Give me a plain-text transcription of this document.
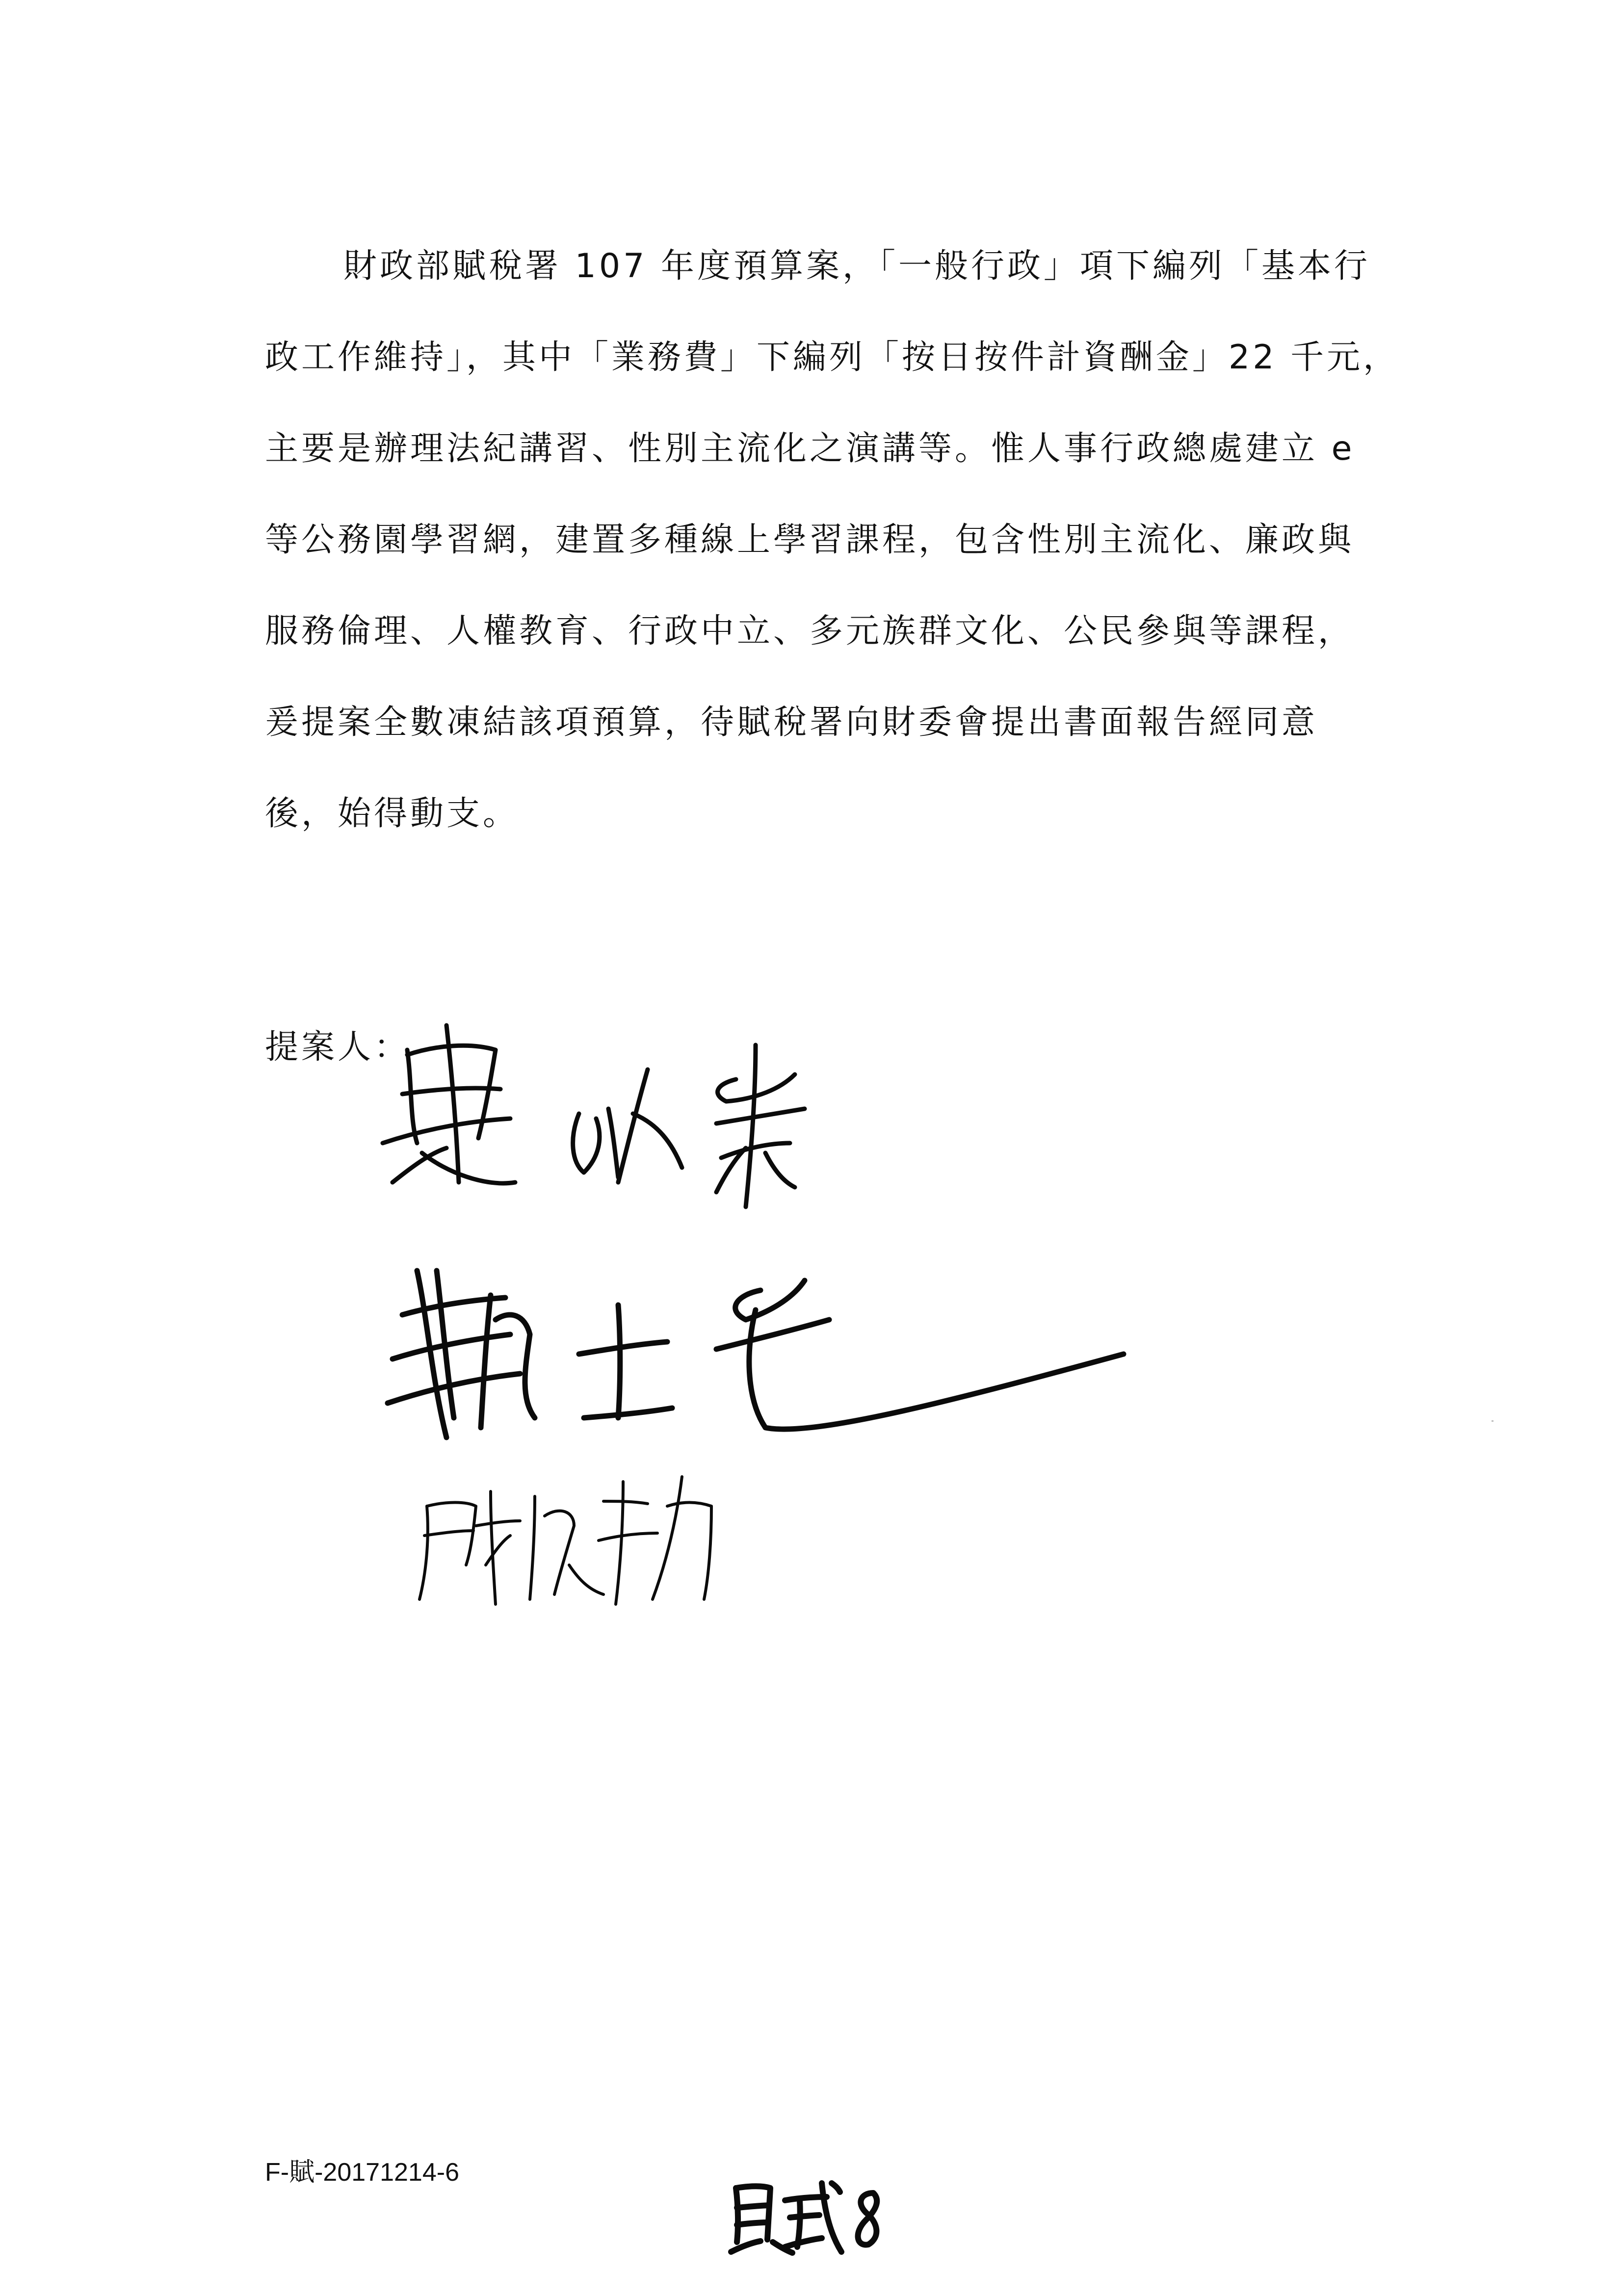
財政部賦稅署 107 年度預算案，「一般行政」項下編列「基本行
政工作維持」，其中「業務費」下編列「按日按件計資酬金」22 千元，
主要是辦理法紀講習、性別主流化之演講等。惟人事行政總處建立 e
等公務園學習網，建置多種線上學習課程，包含性別主流化、廉政與
服務倫理、人權教育、行政中立、多元族群文化、公民參與等課程，
爰提案全數凍結該項預算，待賦稅署向財委會提出書面報告經同意
後，始得動支。
提案人：
F-賦-20171214-6
